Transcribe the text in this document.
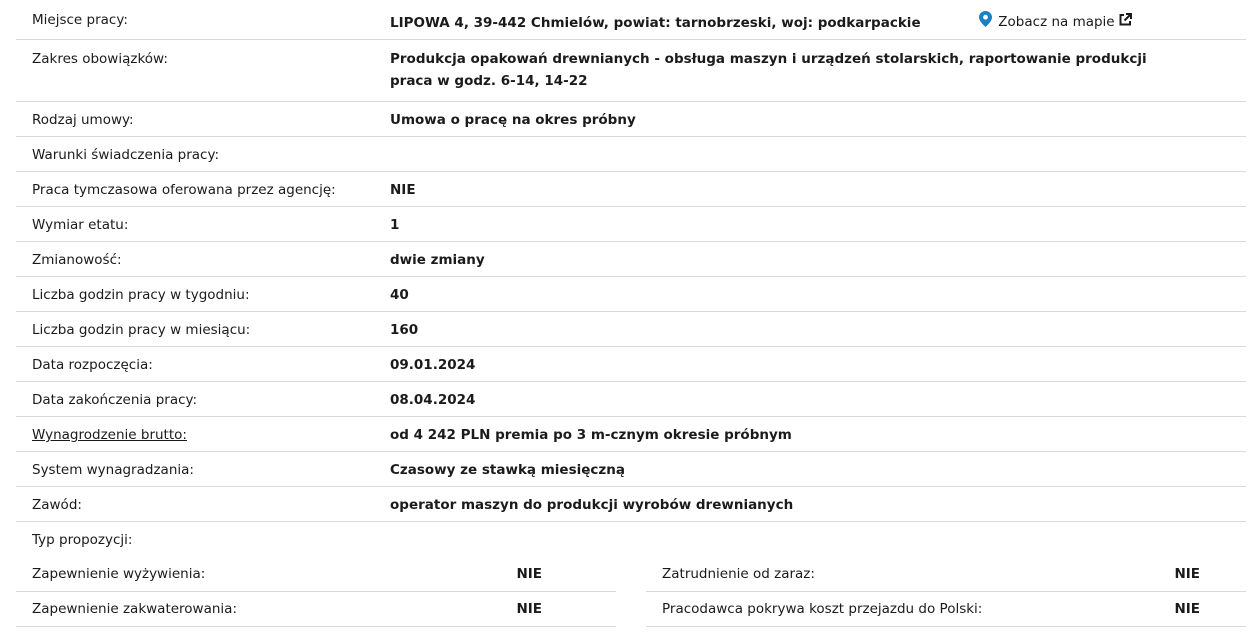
Miejsce pracy:	LIPOWA 4, 39-442 Chmielów, powiat: tarnobrzeski, woj: podkarpackie	Zobacz na mapie
Zakres obowiązków:	Produkcja opakowań drewnianych - obsługa maszyn i urządzeń stolarskich, raportowanie produkcji
praca w godz. 6-14, 14-22
Rodzaj umowy:	Umowa o pracę na okres próbny
Warunki świadczenia pracy:
Praca tymczasowa oferowana przez agencję:	NIE
Wymiar etatu:	1
Zmianowość:	dwie zmiany
Liczba godzin pracy w tygodniu:	40
Liczba godzin pracy w miesiącu:	160
Data rozpoczęcia:	09.01.2024
Data zakończenia pracy:	08.04.2024
Wynagrodzenie brutto:	od 4 242 PLN premia po 3 m-cznym okresie próbnym
System wynagradzania:	Czasowy ze stawką miesięczną
Zawód:	operator maszyn do produkcji wyrobów drewnianych
Typ propozycji:
Zapewnienie wyżywienia:	NIE
Zapewnienie zakwaterowania:	NIE
Zatrudnienie od zaraz:	NIE
Pracodawca pokrywa koszt przejazdu do Polski:	NIE
